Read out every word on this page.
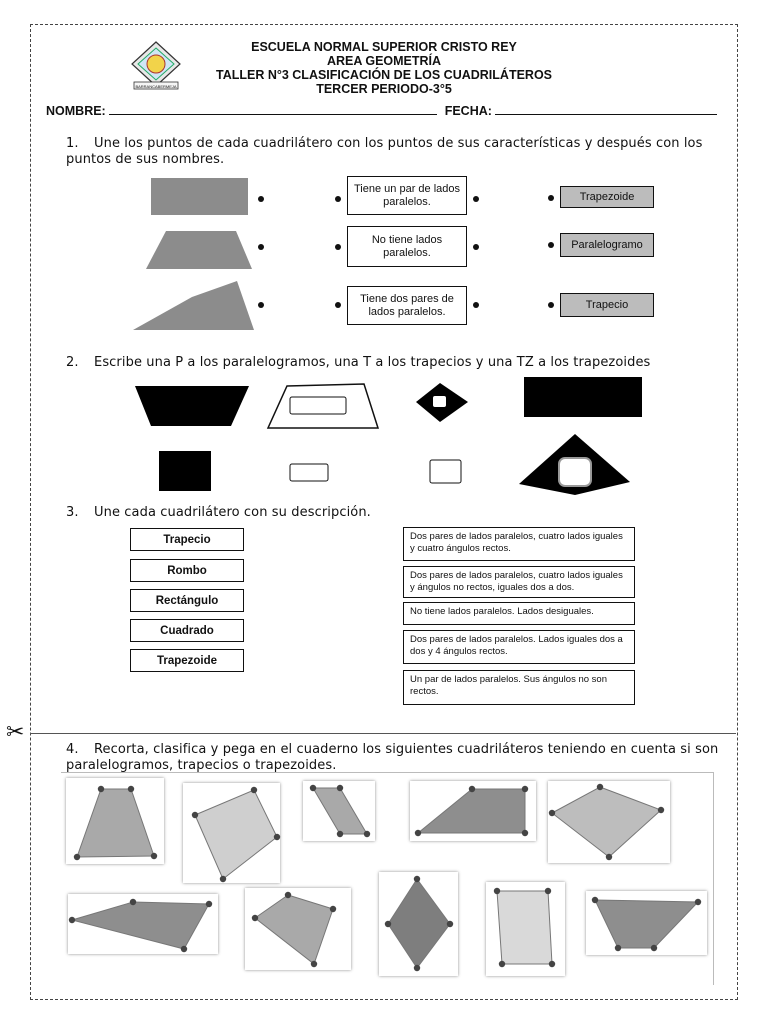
BARRANCABERMEJA
ESCUELA NORMAL SUPERIOR CRISTO REY
AREA GEOMETRÍA
TALLER N°3 CLASIFICACIÓN DE LOS CUADRILÁTEROS
TERCER PERIODO-3°5
NOMBRE:	FECHA:
1. Une los puntos de cada cuadrilátero con los puntos de sus características y después con los puntos de sus nombres.
Tiene un par de lados paralelos.
No tiene lados paralelos.
Tiene dos pares de lados paralelos.
Trapezoide
Paralelogramo
Trapecio
2. Escribe una P a los paralelogramos, una T a los trapecios y una TZ a los trapezoides
3. Une cada cuadrilátero con su descripción.
Trapecio
Rombo
Rectángulo
Cuadrado
Trapezoide
Dos pares de lados paralelos, cuatro lados iguales y cuatro ángulos rectos.
Dos pares de lados paralelos, cuatro lados iguales y ángulos no rectos, iguales dos a dos.
No tiene lados paralelos. Lados desiguales.
Dos pares de lados paralelos. Lados iguales dos a dos y 4 ángulos rectos.
Un par de lados paralelos. Sus ángulos no son rectos.
✂
4. Recorta, clasifica y pega en el cuaderno los siguientes cuadriláteros teniendo en cuenta si son paralelogramos, trapecios o trapezoides.
